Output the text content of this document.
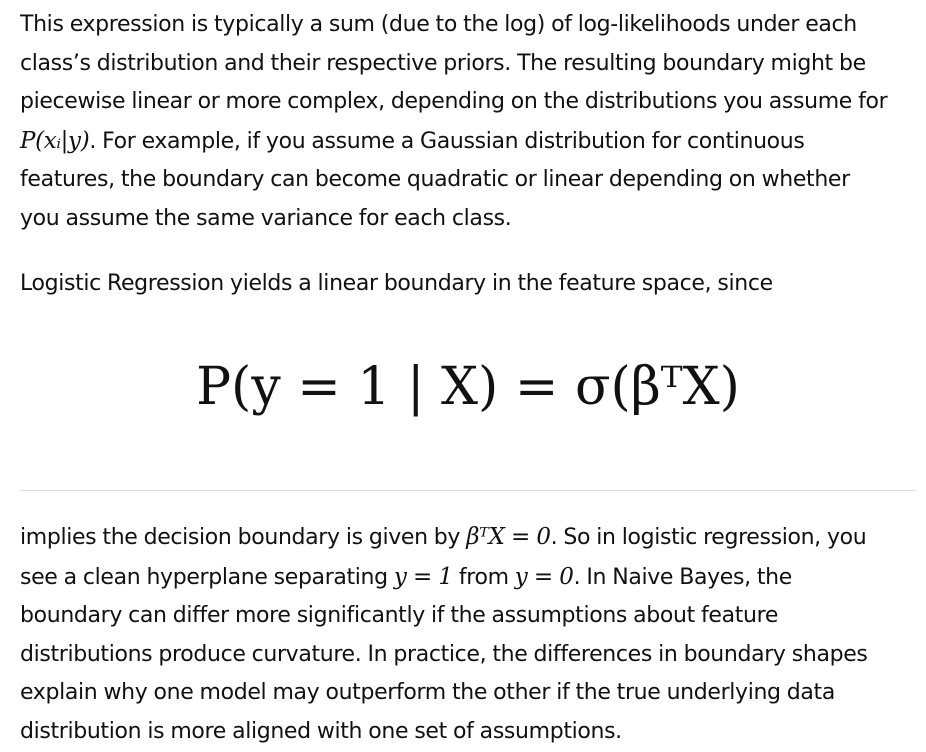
This expression is typically a sum (due to the log) of log-likelihoods under each
class’s distribution and their respective priors. The resulting boundary might be
piecewise linear or more complex, depending on the distributions you assume for
P(xᵢ|y). For example, if you assume a Gaussian distribution for continuous
features, the boundary can become quadratic or linear depending on whether
you assume the same variance for each class.

Logistic Regression yields a linear boundary in the feature space, since

P(y = 1 | X) = σ(βᵀX)

implies the decision boundary is given by βᵀX = 0. So in logistic regression, you
see a clean hyperplane separating y = 1 from y = 0. In Naive Bayes, the
boundary can differ more significantly if the assumptions about feature
distributions produce curvature. In practice, the differences in boundary shapes
explain why one model may outperform the other if the true underlying data
distribution is more aligned with one set of assumptions.
